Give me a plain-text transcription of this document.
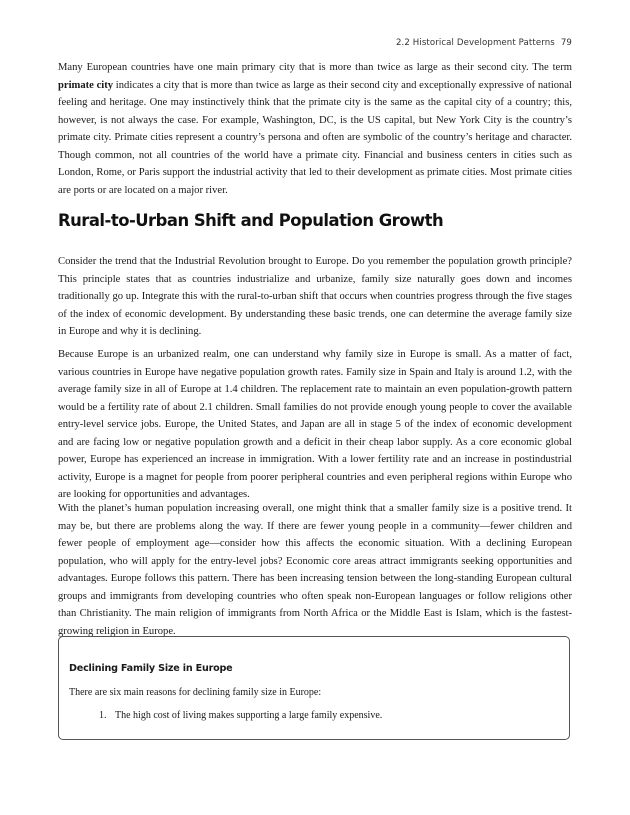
2.2 Historical Development Patterns 79

Many European countries have one main primary city that is more than twice as large as their second city. The term primate city indicates a city that is more than twice as large as their second city and exceptionally expressive of national feeling and heritage. One may instinctively think that the primate city is the same as the capital city of a country; this, however, is not always the case. For example, Washington, DC, is the US capital, but New York City is the country’s primate city. Primate cities represent a country’s persona and often are symbolic of the country’s heritage and character. Though common, not all countries of the world have a primate city. Financial and business centers in cities such as London, Rome, or Paris support the industrial activity that led to their development as primate cities. Most primate cities are ports or are located on a major river.

Rural-to-Urban Shift and Population Growth

Consider the trend that the Industrial Revolution brought to Europe. Do you remember the population growth principle? This principle states that as countries industrialize and urbanize, family size naturally goes down and incomes traditionally go up. Integrate this with the rural-to-urban shift that occurs when countries progress through the five stages of the index of economic development. By understanding these basic trends, one can determine the average family size in Europe and why it is declining.

Because Europe is an urbanized realm, one can understand why family size in Europe is small. As a matter of fact, various countries in Europe have negative population growth rates. Family size in Spain and Italy is around 1.2, with the average family size in all of Europe at 1.4 children. The replacement rate to maintain an even population-growth pattern would be a fertility rate of about 2.1 children. Small families do not provide enough young people to cover the available entry-level service jobs. Europe, the United States, and Japan are all in stage 5 of the index of economic development and are facing low or negative population growth and a deficit in their cheap labor supply. As a core economic global power, Europe has experienced an increase in immigration. With a lower fertility rate and an increase in postindustrial activity, Europe is a magnet for people from poorer peripheral countries and even peripheral regions within Europe who are looking for opportunities and advantages.

With the planet’s human population increasing overall, one might think that a smaller family size is a positive trend. It may be, but there are problems along the way. If there are fewer young people in a community—fewer children and fewer people of employment age—consider how this affects the economic situation. With a declining European population, who will apply for the entry-level jobs? Economic core areas attract immigrants seeking opportunities and advantages. Europe follows this pattern. There has been increasing tension between the long-standing European cultural groups and immigrants from developing countries who often speak non-European languages or follow religions other than Christianity. The main religion of immigrants from North Africa or the Middle East is Islam, which is the fastest-growing religion in Europe.

Declining Family Size in Europe

There are six main reasons for declining family size in Europe:

1. The high cost of living makes supporting a large family expensive.
